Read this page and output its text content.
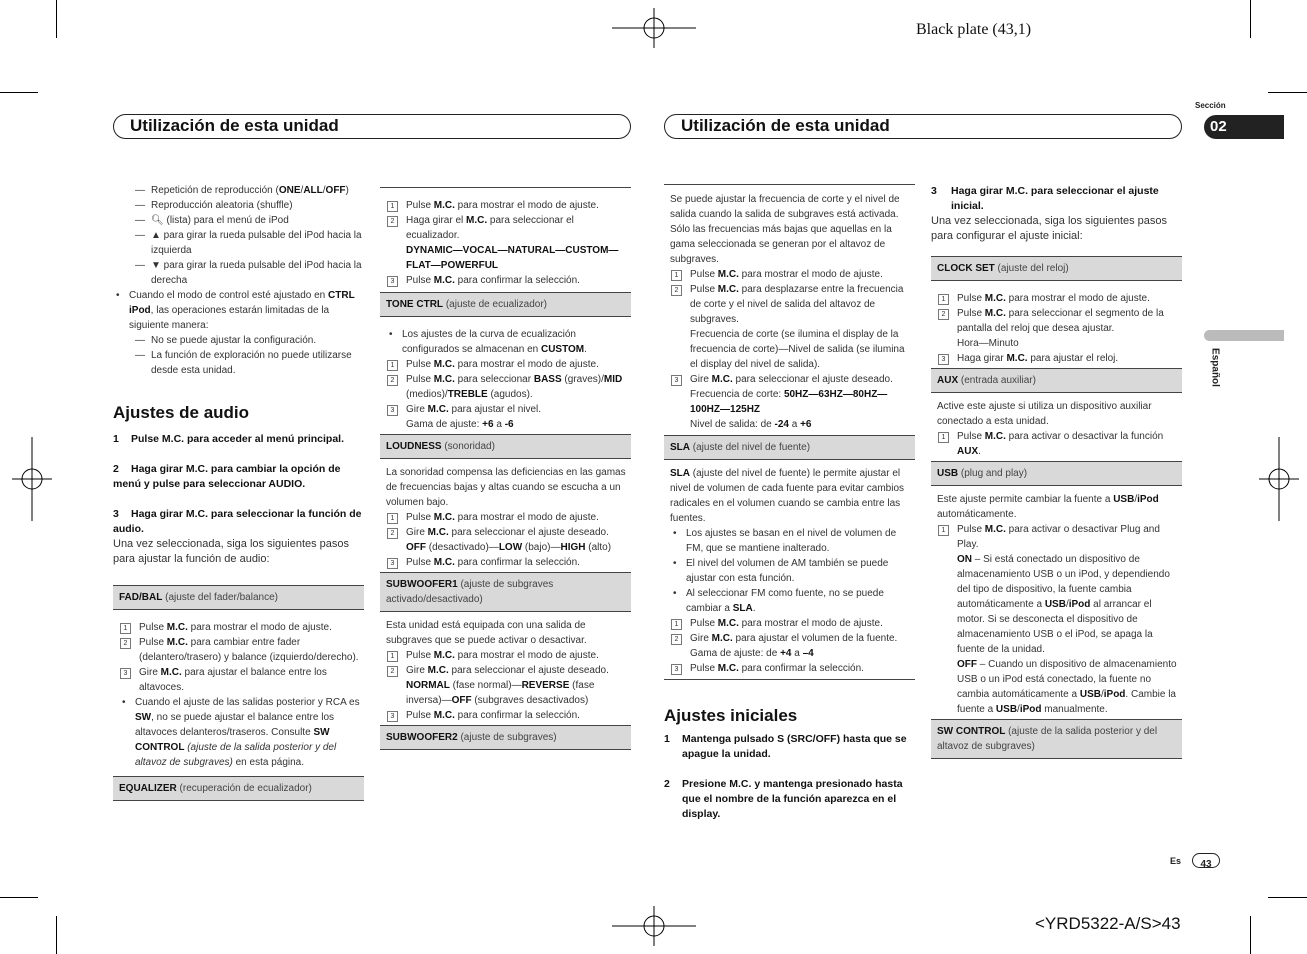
Black plate (43,1)
<YRD5322-A/S>43
Sección
02
Español
Utilización de esta unidad	Utilización de esta unidad
— Repetición de reproducción (ONE/ALL/OFF)
— Reproducción aleatoria (shuffle)
— 🔍︎ (lista) para el menú de iPod
— ▲ para girar la rueda pulsable del iPod hacia la izquierda
— ▼ para girar la rueda pulsable del iPod hacia la derecha
• Cuando el modo de control esté ajustado en CTRL iPod, las operaciones estarán limitadas de la siguiente manera:
— No se puede ajustar la configuración.
— La función de exploración no puede utilizarse desde esta unidad.

Ajustes de audio

1 Pulse M.C. para acceder al menú principal.
2 Haga girar M.C. para cambiar la opción de menú y pulse para seleccionar AUDIO.
3 Haga girar M.C. para seleccionar la función de audio.

Una vez seleccionada, siga los siguientes pasos para ajustar la función de audio:

FAD/BAL (ajuste del fader/balance)
1	Pulse M.C. para mostrar el modo de ajuste.
2	Pulse M.C. para cambiar entre fader (delantero/trasero) y balance (izquierdo/derecho).
3	Gire M.C. para ajustar el balance entre los altavoces.
• Cuando el ajuste de las salidas posterior y RCA es SW, no se puede ajustar el balance entre los altavoces delanteros/traseros. Consulte SW CONTROL (ajuste de la salida posterior y del altavoz de subgraves) en esta página.
EQUALIZER (recuperación de ecualizador)
1	Pulse M.C. para mostrar el modo de ajuste.
2	Haga girar el M.C. para seleccionar el ecualizador.
DYNAMIC—VOCAL—NATURAL—CUSTOM—FLAT—POWERFUL
3	Pulse M.C. para confirmar la selección.
TONE CTRL (ajuste de ecualizador)
• Los ajustes de la curva de ecualización configurados se almacenan en CUSTOM.
1	Pulse M.C. para mostrar el modo de ajuste.
2	Pulse M.C. para seleccionar BASS (graves)/MID (medios)/TREBLE (agudos).
3	Gire M.C. para ajustar el nivel.
Gama de ajuste: +6 a -6
LOUDNESS (sonoridad)

La sonoridad compensa las deficiencias en las gamas de frecuencias bajas y altas cuando se escucha a un volumen bajo.

1	Pulse M.C. para mostrar el modo de ajuste.
2	Gire M.C. para seleccionar el ajuste deseado.
OFF (desactivado)—LOW (bajo)—HIGH (alto)
3	Pulse M.C. para confirmar la selección.
SUBWOOFER1 (ajuste de subgraves activado/desactivado)

Esta unidad está equipada con una salida de subgraves que se puede activar o desactivar.

1	Pulse M.C. para mostrar el modo de ajuste.
2	Gire M.C. para seleccionar el ajuste deseado.
NORMAL (fase normal)—REVERSE (fase inversa)—OFF (subgraves desactivados)
3	Pulse M.C. para confirmar la selección.
SUBWOOFER2 (ajuste de subgraves)

Se puede ajustar la frecuencia de corte y el nivel de salida cuando la salida de subgraves está activada.

Sólo las frecuencias más bajas que aquellas en la gama seleccionada se generan por el altavoz de subgraves.

1	Pulse M.C. para mostrar el modo de ajuste.
2	Pulse M.C. para desplazarse entre la frecuencia de corte y el nivel de salida del altavoz de subgraves.
Frecuencia de corte (se ilumina el display de la frecuencia de corte)—Nivel de salida (se ilumina el display del nivel de salida).
3	Gire M.C. para seleccionar el ajuste deseado.
Frecuencia de corte: 50HZ—63HZ—80HZ—100HZ—125HZ
Nivel de salida: de -24 a +6
SLA (ajuste del nivel de fuente)

SLA (ajuste del nivel de fuente) le permite ajustar el nivel de volumen de cada fuente para evitar cambios radicales en el volumen cuando se cambia entre las fuentes.

• Los ajustes se basan en el nivel de volumen de FM, que se mantiene inalterado.
• El nivel del volumen de AM también se puede ajustar con esta función.
• Al seleccionar FM como fuente, no se puede cambiar a SLA.
1	Pulse M.C. para mostrar el modo de ajuste.
2	Gire M.C. para ajustar el volumen de la fuente.
Gama de ajuste: de +4 a –4
3	Pulse M.C. para confirmar la selección.

Ajustes iniciales

1	Mantenga pulsado S (SRC/OFF) hasta que se apague la unidad.
2	Presione M.C. y mantenga presionado hasta que el nombre de la función aparezca en el display.
3	Haga girar M.C. para seleccionar el ajuste inicial.

Una vez seleccionada, siga los siguientes pasos para configurar el ajuste inicial:

CLOCK SET (ajuste del reloj)
1	Pulse M.C. para mostrar el modo de ajuste.
2	Pulse M.C. para seleccionar el segmento de la pantalla del reloj que desea ajustar.
Hora—Minuto
3	Haga girar M.C. para ajustar el reloj.
AUX (entrada auxiliar)

Active este ajuste si utiliza un dispositivo auxiliar conectado a esta unidad.

1	Pulse M.C. para activar o desactivar la función AUX.
USB (plug and play)

Este ajuste permite cambiar la fuente a USB/iPod automáticamente.

1	Pulse M.C. para activar o desactivar Plug and Play.
ON – Si está conectado un dispositivo de almacenamiento USB o un iPod, y dependiendo del tipo de dispositivo, la fuente cambia automáticamente a USB/iPod al arrancar el motor. Si se desconecta el dispositivo de almacenamiento USB o el iPod, se apaga la fuente de la unidad.
OFF – Cuando un dispositivo de almacenamiento USB o un iPod está conectado, la fuente no cambia automáticamente a USB/iPod. Cambie la fuente a USB/iPod manualmente.
SW CONTROL (ajuste de la salida posterior y del altavoz de subgraves)
Es	43
